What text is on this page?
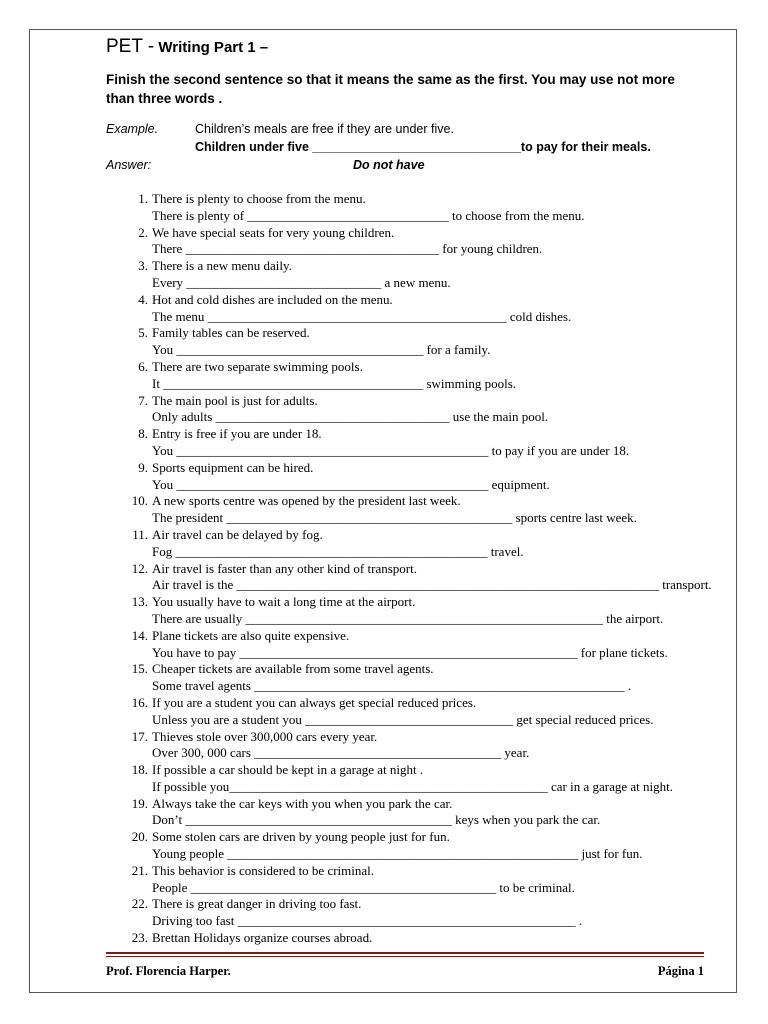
PET - Writing Part 1 –
Finish the second sentence so that it means the same as the first. You may use not more than three words .
Example.	Children’s meals are free if they are under five.
Children under five ______________________________to pay for their meals.
Answer:	Do not have
1. There is plenty to choose from the menu.
There is plenty of _______________________________ to choose from the menu.
2. We have special seats for very young children.
There _______________________________________ for young children.
3. There is a new menu daily.
Every ______________________________ a new menu.
4. Hot and cold dishes are included on the menu.
The menu ______________________________________________ cold dishes.
5. Family tables can be reserved.
You ______________________________________ for a family.
6. There are two separate swimming pools.
It ________________________________________ swimming pools.
7. The main pool is just for adults.
Only adults ____________________________________ use the main pool.
8. Entry is free if you are under 18.
You ________________________________________________ to pay if you are under 18.
9. Sports equipment can be hired.
You ________________________________________________ equipment.
10. A new sports centre was opened by the president last week.
The president ____________________________________________ sports centre last week.
11. Air travel can be delayed by fog.
Fog ________________________________________________ travel.
12. Air travel is faster than any other kind of transport.
Air travel is the _________________________________________________________________ transport.
13. You usually have to wait a long time at the airport.
There are usually _______________________________________________________ the airport.
14. Plane tickets are also quite expensive.
You have to pay ____________________________________________________ for plane tickets.
15. Cheaper tickets are available from some travel agents.
Some travel agents _________________________________________________________ .
16. If you are a student you can always get special reduced prices.
Unless you are a student you ________________________________ get special reduced prices.
17. Thieves stole over 300,000 cars every year.
Over 300, 000 cars ______________________________________ year.
18. If possible a car should be kept in a garage at night .
If possible you_________________________________________________ car in a garage at night.
19. Always take the car keys with you when you park the car.
Don’t _________________________________________ keys when you park the car.
20. Some stolen cars are driven by young people just for fun.
Young people ______________________________________________________ just for fun.
21. This behavior is considered to be criminal.
People _______________________________________________ to be criminal.
22. There is great danger in driving too fast.
Driving too fast ____________________________________________________ .
23. Brettan Holidays organize courses abroad.
Prof. Florencia Harper.	Página 1
